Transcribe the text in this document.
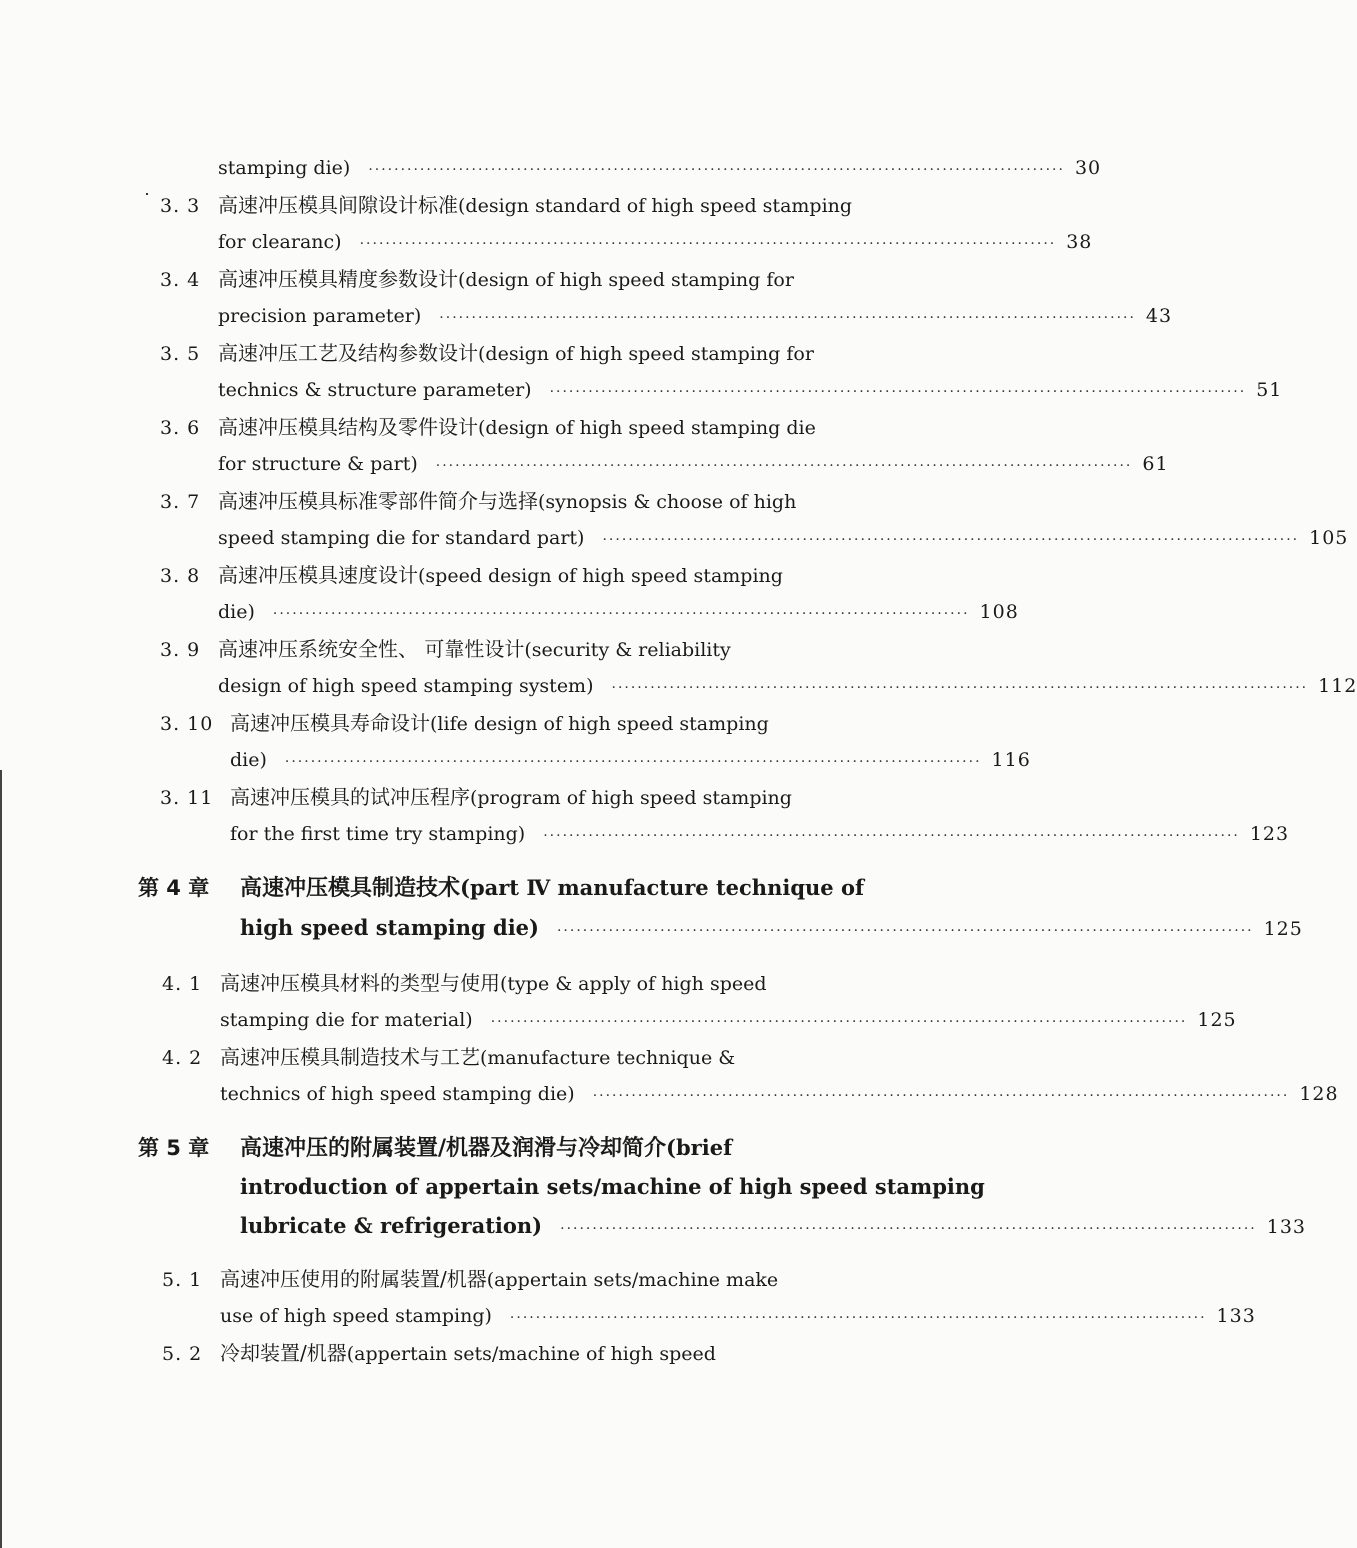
stamping die) ············································································································ 30
3. 3 高速冲压模具间隙设计标准(design standard of high speed stamping
for clearanc) ············································································································ 38
3. 4 高速冲压模具精度参数设计(design of high speed stamping for
precision parameter) ············································································································ 43
3. 5 高速冲压工艺及结构参数设计(design of high speed stamping for
technics & structure parameter) ············································································································ 51
3. 6 高速冲压模具结构及零件设计(design of high speed stamping die
for structure & part) ············································································································ 61
3. 7 高速冲压模具标准零部件简介与选择(synopsis & choose of high
speed stamping die for standard part) ············································································································ 105
3. 8 高速冲压模具速度设计(speed design of high speed stamping
die) ············································································································ 108
3. 9 高速冲压系统安全性、 可靠性设计(security & reliability
design of high speed stamping system) ············································································································ 112
3. 10 高速冲压模具寿命设计(life design of high speed stamping
die) ············································································································ 116
3. 11 高速冲压模具的试冲压程序(program of high speed stamping
for the first time try stamping) ············································································································ 123
第 4 章 高速冲压模具制造技术(part Ⅳ manufacture technique of
high speed stamping die) ············································································································ 125
4. 1 高速冲压模具材料的类型与使用(type & apply of high speed
stamping die for material) ············································································································ 125
4. 2 高速冲压模具制造技术与工艺(manufacture technique &
technics of high speed stamping die) ············································································································ 128
第 5 章 高速冲压的附属装置/机器及润滑与冷却简介(brief
introduction of appertain sets/machine of high speed stamping
lubricate & refrigeration) ············································································································ 133
5. 1 高速冲压使用的附属装置/机器(appertain sets/machine make
use of high speed stamping) ············································································································ 133
5. 2 冷却装置/机器(appertain sets/machine of high speed
